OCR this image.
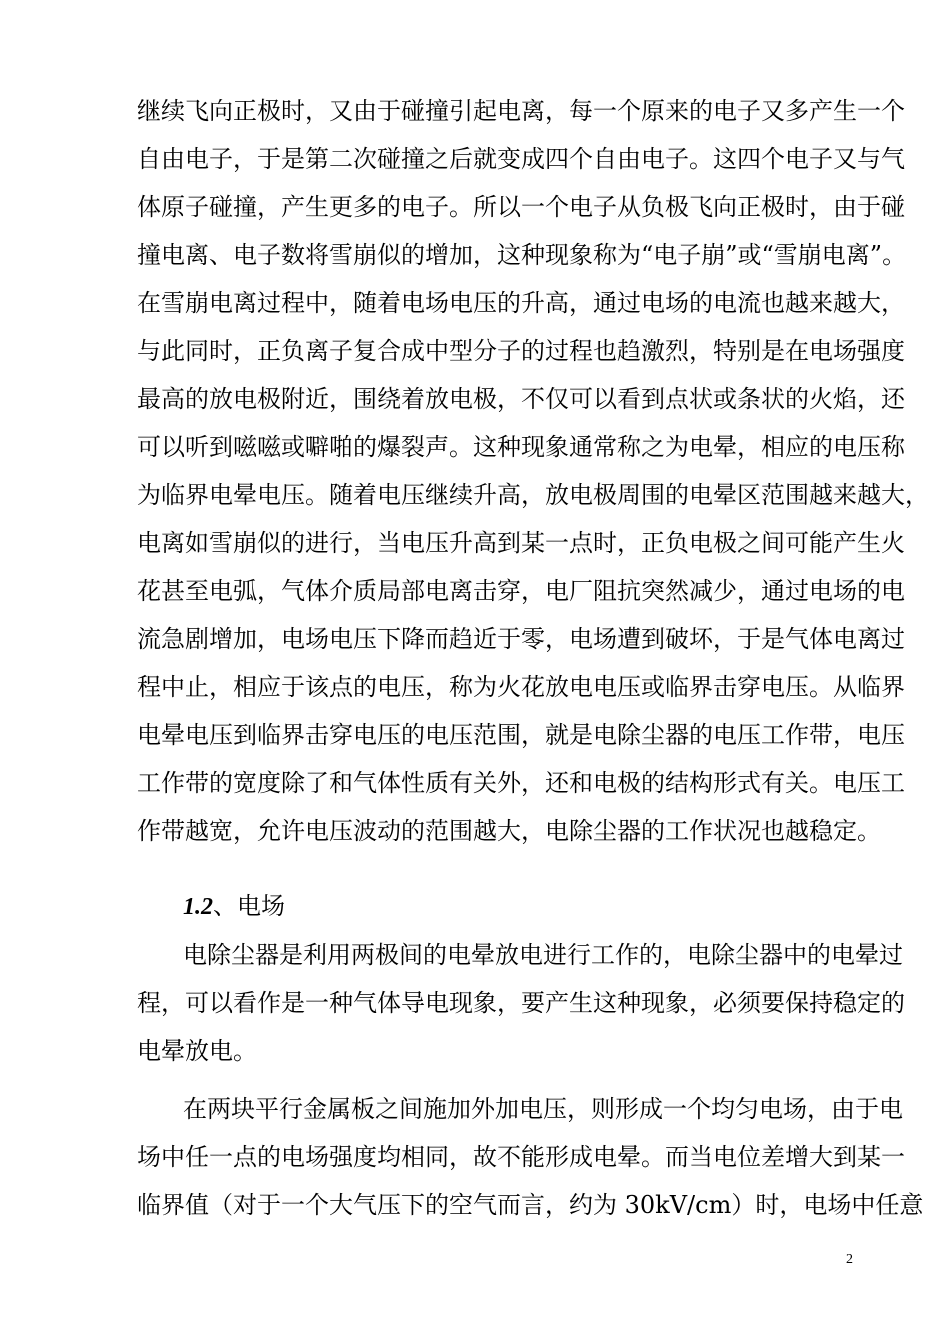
继续飞向正极时，又由于碰撞引起电离，每一个原来的电子又多产生一个
自由电子，于是第二次碰撞之后就变成四个自由电子。这四个电子又与气
体原子碰撞，产生更多的电子。所以一个电子从负极飞向正极时，由于碰
撞电离、电子数将雪崩似的增加，这种现象称为“电子崩”或“雪崩电离”。
在雪崩电离过程中，随着电场电压的升高，通过电场的电流也越来越大，
与此同时，正负离子复合成中型分子的过程也趋激烈，特别是在电场强度
最高的放电极附近，围绕着放电极，不仅可以看到点状或条状的火焰，还
可以听到嗞嗞或噼啪的爆裂声。这种现象通常称之为电晕，相应的电压称
为临界电晕电压。随着电压继续升高，放电极周围的电晕区范围越来越大，
电离如雪崩似的进行，当电压升高到某一点时，正负电极之间可能产生火
花甚至电弧，气体介质局部电离击穿，电厂阻抗突然减少，通过电场的电
流急剧增加，电场电压下降而趋近于零，电场遭到破坏，于是气体电离过
程中止，相应于该点的电压，称为火花放电电压或临界击穿电压。从临界
电晕电压到临界击穿电压的电压范围，就是电除尘器的电压工作带，电压
工作带的宽度除了和气体性质有关外，还和电极的结构形式有关。电压工
作带越宽，允许电压波动的范围越大，电除尘器的工作状况也越稳定。
1.2、电场
电除尘器是利用两极间的电晕放电进行工作的，电除尘器中的电晕过
程，可以看作是一种气体导电现象，要产生这种现象，必须要保持稳定的
电晕放电。
在两块平行金属板之间施加外加电压，则形成一个均匀电场，由于电
场中任一点的电场强度均相同，故不能形成电晕。而当电位差增大到某一
临界值（对于一个大气压下的空气而言，约为 30kV/cm）时，电场中任意
2
